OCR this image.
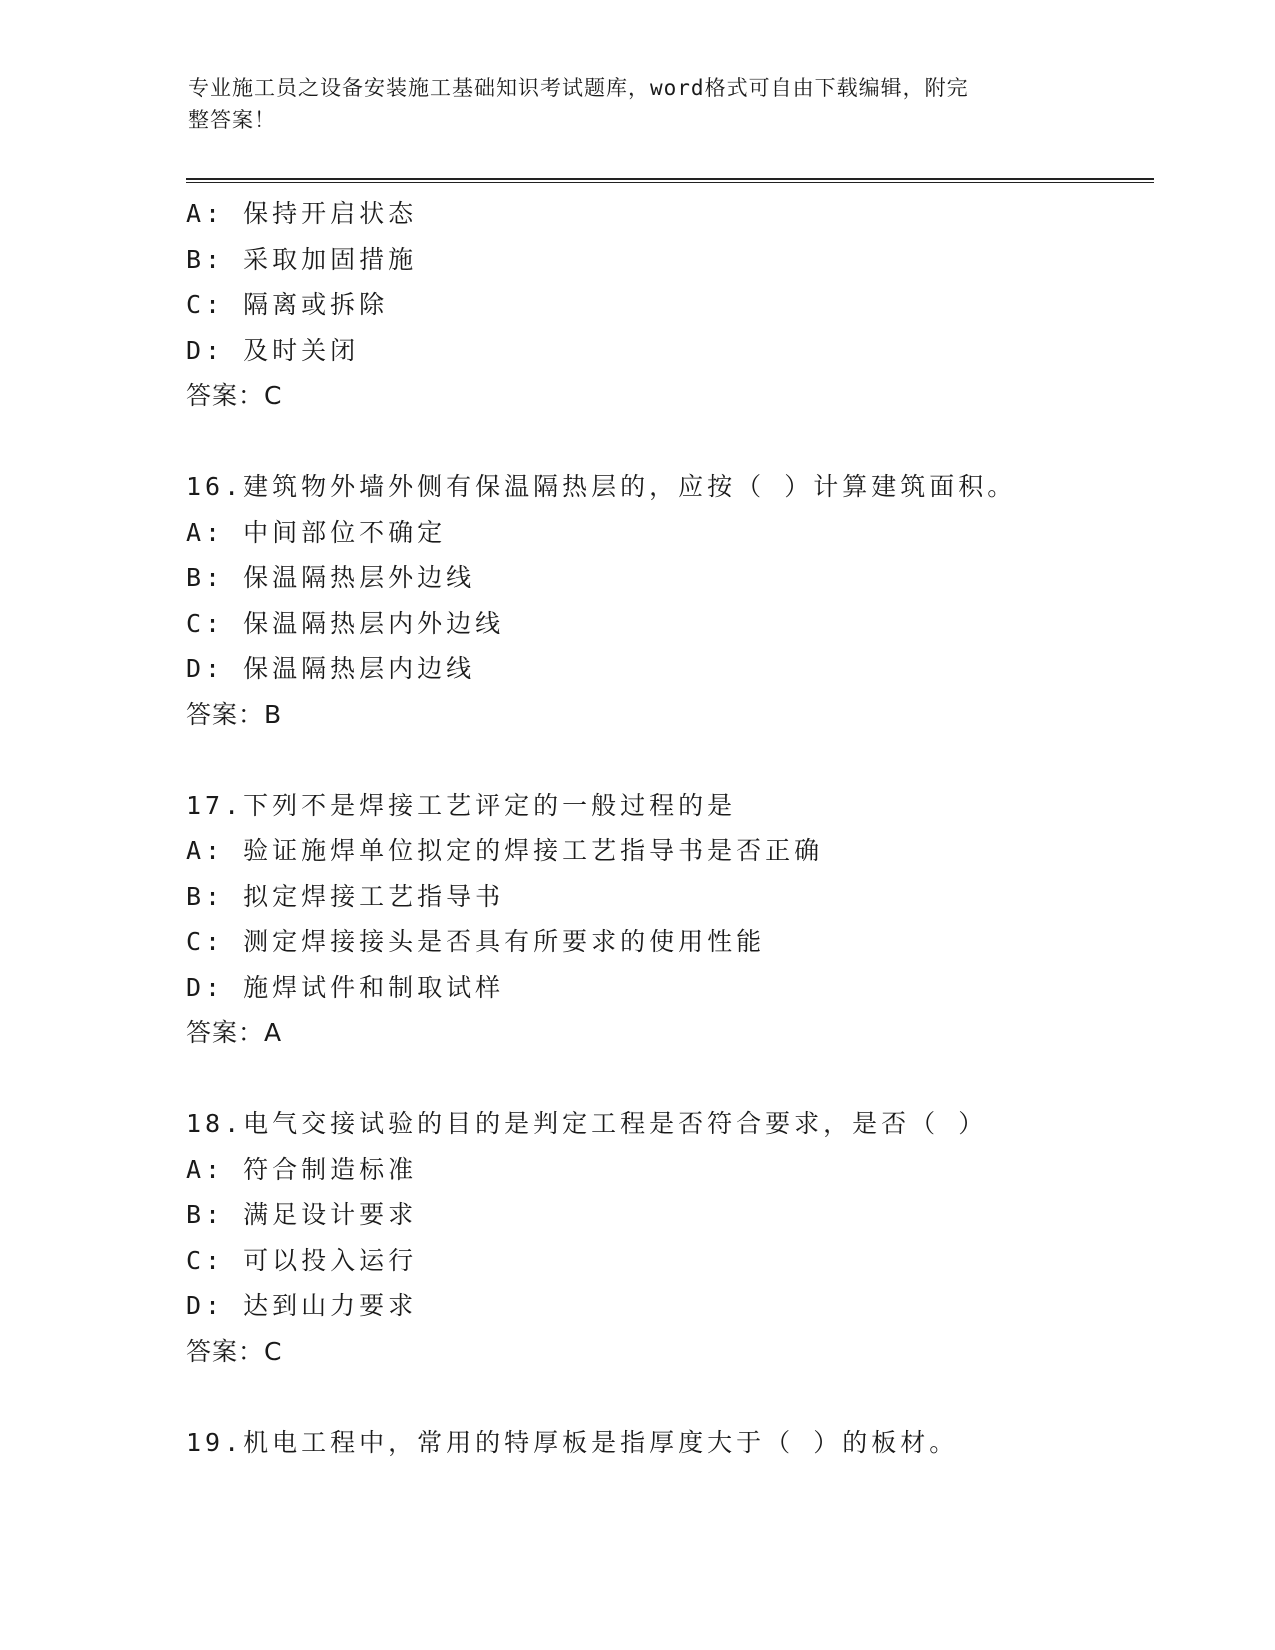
专业施工员之设备安装施工基础知识考试题库，word格式可自由下载编辑，附完
整答案！
A: 保持开启状态
B: 采取加固措施
C: 隔离或拆除
D: 及时关闭
答案：C
16.建筑物外墙外侧有保温隔热层的，应按（ ）计算建筑面积。
A: 中间部位不确定
B: 保温隔热层外边线
C: 保温隔热层内外边线
D: 保温隔热层内边线
答案：B
17.下列不是焊接工艺评定的一般过程的是
A: 验证施焊单位拟定的焊接工艺指导书是否正确
B: 拟定焊接工艺指导书
C: 测定焊接接头是否具有所要求的使用性能
D: 施焊试件和制取试样
答案：A
18.电气交接试验的目的是判定工程是否符合要求，是否（ ）
A: 符合制造标准
B: 满足设计要求
C: 可以投入运行
D: 达到山力要求
答案：C
19.机电工程中，常用的特厚板是指厚度大于（ ）的板材。
